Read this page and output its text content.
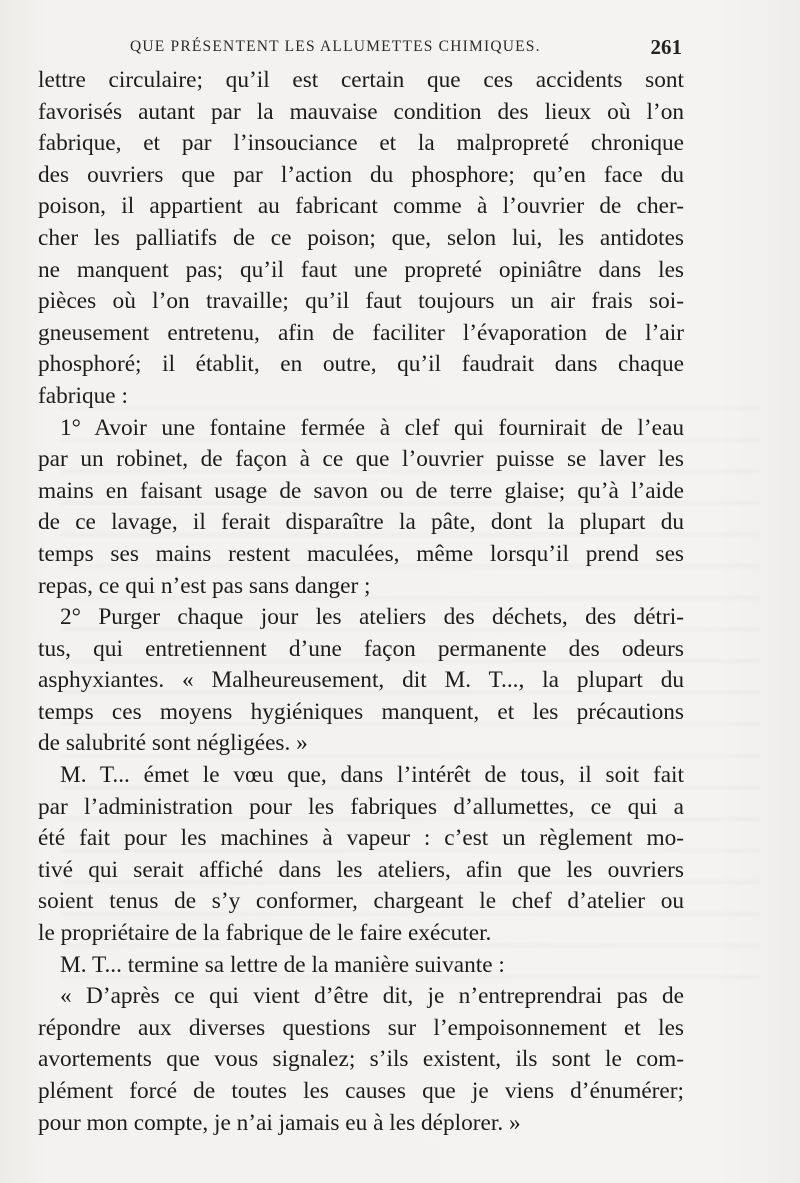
QUE PRÉSENTENT LES ALLUMETTES CHIMIQUES.	261
lettre circulaire; qu’il est certain que ces accidents sont
favorisés autant par la mauvaise condition des lieux où l’on
fabrique, et par l’insouciance et la malpropreté chronique
des ouvriers que par l’action du phosphore; qu’en face du
poison, il appartient au fabricant comme à l’ouvrier de cher-
cher les palliatifs de ce poison; que, selon lui, les antidotes
ne manquent pas; qu’il faut une propreté opiniâtre dans les
pièces où l’on travaille; qu’il faut toujours un air frais soi-
gneusement entretenu, afin de faciliter l’évaporation de l’air
phosphoré; il établit, en outre, qu’il faudrait dans chaque
fabrique :
1° Avoir une fontaine fermée à clef qui fournirait de l’eau
par un robinet, de façon à ce que l’ouvrier puisse se laver les
mains en faisant usage de savon ou de terre glaise; qu’à l’aide
de ce lavage, il ferait disparaître la pâte, dont la plupart du
temps ses mains restent maculées, même lorsqu’il prend ses
repas, ce qui n’est pas sans danger ;
2° Purger chaque jour les ateliers des déchets, des détri-
tus, qui entretiennent d’une façon permanente des odeurs
asphyxiantes. « Malheureusement, dit M. T..., la plupart du
temps ces moyens hygiéniques manquent, et les précautions
de salubrité sont négligées. »
M. T... émet le vœu que, dans l’intérêt de tous, il soit fait
par l’administration pour les fabriques d’allumettes, ce qui a
été fait pour les machines à vapeur : c’est un règlement mo-
tivé qui serait affiché dans les ateliers, afin que les ouvriers
soient tenus de s’y conformer, chargeant le chef d’atelier ou
le propriétaire de la fabrique de le faire exécuter.
M. T... termine sa lettre de la manière suivante :
« D’après ce qui vient d’être dit, je n’entreprendrai pas de
répondre aux diverses questions sur l’empoisonnement et les
avortements que vous signalez; s’ils existent, ils sont le com-
plément forcé de toutes les causes que je viens d’énumérer;
pour mon compte, je n’ai jamais eu à les déplorer. »
